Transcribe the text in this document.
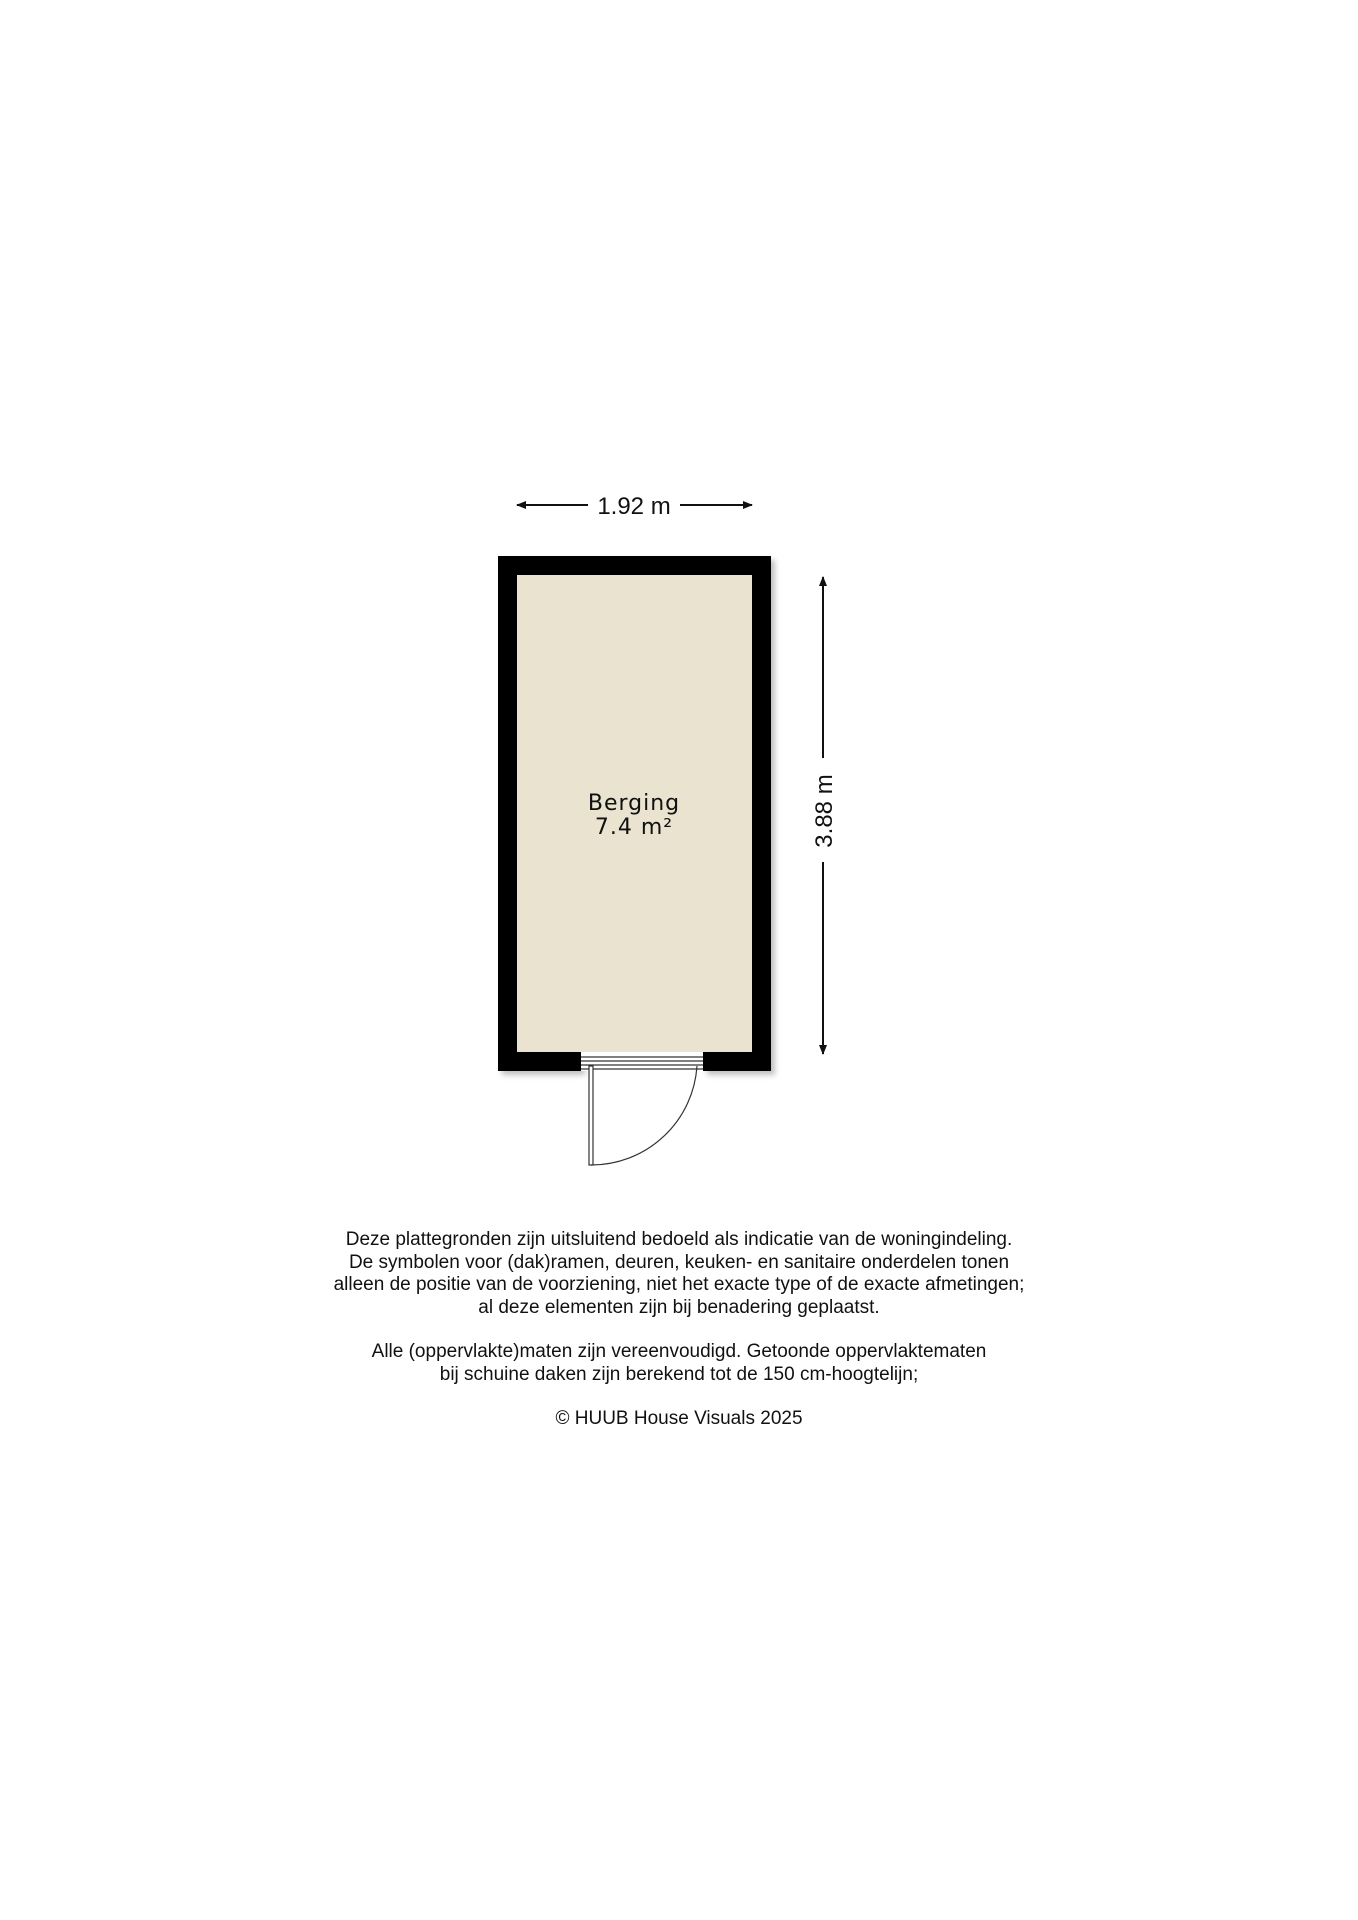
1.92 m
3.88 m
Berging
7.4 m²

Deze plattegronden zijn uitsluitend bedoeld als indicatie van de woningindeling.

De symbolen voor (dak)ramen, deuren, keuken- en sanitaire onderdelen tonen

alleen de positie van de voorziening, niet het exacte type of de exacte afmetingen;

al deze elementen zijn bij benadering geplaatst.

Alle (oppervlakte)maten zijn vereenvoudigd. Getoonde oppervlaktematen

bij schuine daken zijn berekend tot de 150 cm-hoogtelijn;

© HUUB House Visuals 2025
